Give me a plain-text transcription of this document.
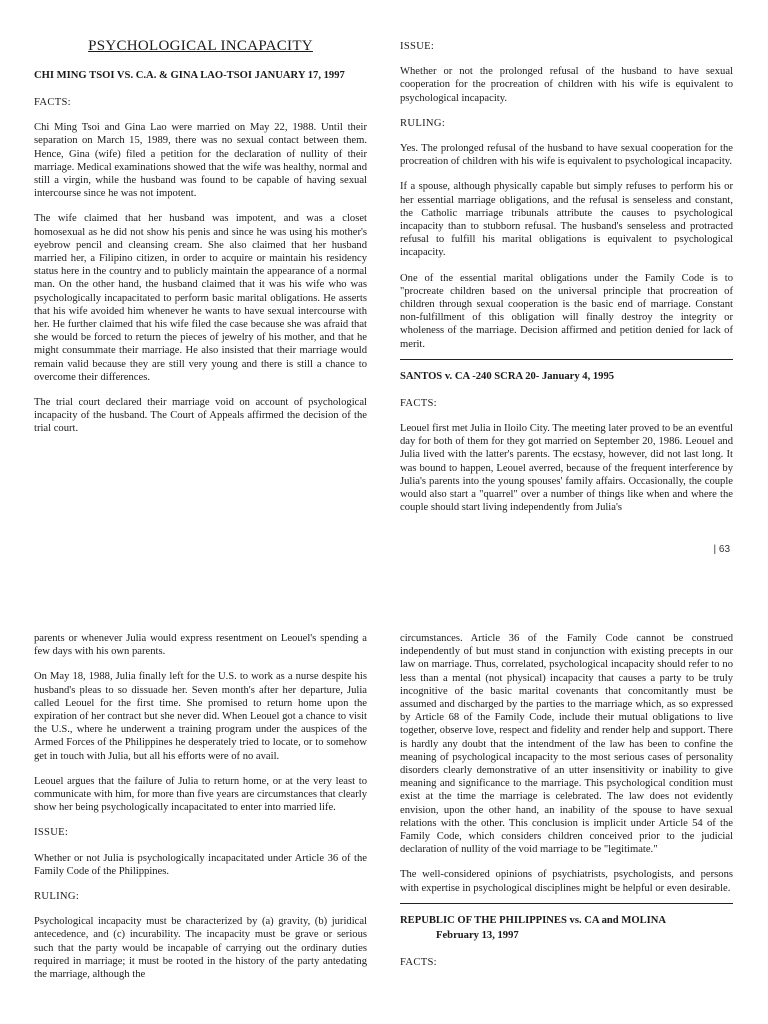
PSYCHOLOGICAL INCAPACITY
CHI MING TSOI VS. C.A. & GINA LAO-TSOI JANUARY 17, 1997
FACTS:

Chi Ming Tsoi and Gina Lao were married on May 22, 1988. Until their separation on March 15, 1989, there was no sexual contact between them. Hence, Gina (wife) filed a petition for the declaration of nullity of their marriage. Medical examinations showed that the wife was healthy, normal and still a virgin, while the husband was found to be capable of having sexual intercourse since he was not impotent.

The wife claimed that her husband was impotent, and was a closet homosexual as he did not show his penis and since he was using his mother's eyebrow pencil and cleansing cream. She also claimed that her husband married her, a Filipino citizen, in order to acquire or maintain his residency status here in the country and to publicly maintain the appearance of a normal man. On the other hand, the husband claimed that it was his wife who was psychologically incapacitated to perform basic marital obligations. He asserts that his wife avoided him whenever he wants to have sexual intercourse with her. He further claimed that his wife filed the case because she was afraid that she would be forced to return the pieces of jewelry of his mother, and that he might consummate their marriage. He also insisted that their marriage would remain valid because they are still very young and there is still a chance to overcome their differences.

The trial court declared their marriage void on account of psychological incapacity of the husband. The Court of Appeals affirmed the decision of the trial court.

ISSUE:

Whether or not the prolonged refusal of the husband to have sexual cooperation for the procreation of children with his wife is equivalent to psychological incapacity.

RULING:

Yes. The prolonged refusal of the husband to have sexual cooperation for the procreation of children with his wife is equivalent to psychological incapacity.

If a spouse, although physically capable but simply refuses to perform his or her essential marriage obligations, and the refusal is senseless and constant, the Catholic marriage tribunals attribute the causes to psychological incapacity than to stubborn refusal. The husband's senseless and protracted refusal to fulfill his marital obligations is equivalent to psychological incapacity.

One of the essential marital obligations under the Family Code is to "procreate children based on the universal principle that procreation of children through sexual cooperation is the basic end of marriage. Constant non-fulfillment of this obligation will finally destroy the integrity or wholeness of the marriage. Decision affirmed and petition denied for lack of merit.

SANTOS v. CA -240 SCRA 20- January 4, 1995
FACTS:

Leouel first met Julia in Iloilo City. The meeting later proved to be an eventful day for both of them for they got married on September 20, 1986. Leouel and Julia lived with the latter's parents. The ecstasy, however, did not last long. It was bound to happen, Leouel averred, because of the frequent interference by Julia's parents into the young spouses' family affairs. Occasionally, the couple would also start a "quarrel" over a number of things like when and where the couple should start living independently from Julia's

| 63

parents or whenever Julia would express resentment on Leouel's spending a few days with his own parents.

On May 18, 1988, Julia finally left for the U.S. to work as a nurse despite his husband's pleas to so dissuade her. Seven month's after her departure, Julia called Leouel for the first time. She promised to return home upon the expiration of her contract but she never did. When Leouel got a chance to visit the U.S., where he underwent a training program under the auspices of the Armed Forces of the Philippines he desperately tried to locate, or to somehow get in touch with Julia, but all his efforts were of no avail.

Leouel argues that the failure of Julia to return home, or at the very least to communicate with him, for more than five years are circumstances that clearly show her being psychologically incapacitated to enter into married life.

ISSUE:

Whether or not Julia is psychologically incapacitated under Article 36 of the Family Code of the Philippines.

RULING:

Psychological incapacity must be characterized by (a) gravity, (b) juridical antecedence, and (c) incurability. The incapacity must be grave or serious such that the party would be incapable of carrying out the ordinary duties required in marriage; it must be rooted in the history of the party antedating the marriage, although the

circumstances. Article 36 of the Family Code cannot be construed independently of but must stand in conjunction with existing precepts in our law on marriage. Thus, correlated, psychological incapacity should refer to no less than a mental (not physical) incapacity that causes a party to be truly incognitive of the basic marital covenants that concomitantly must be assumed and discharged by the parties to the marriage which, as so expressed by Article 68 of the Family Code, include their mutual obligations to live together, observe love, respect and fidelity and render help and support. There is hardly any doubt that the intendment of the law has been to confine the meaning of psychological incapacity to the most serious cases of personality disorders clearly demonstrative of an utter insensitivity or inability to give meaning and significance to the marriage. This psychological condition must exist at the time the marriage is celebrated. The law does not evidently envision, upon the other hand, an inability of the spouse to have sexual relations with the other. This conclusion is implicit under Article 54 of the Family Code, which considers children conceived prior to the judicial declaration of nullity of the void marriage to be "legitimate."

The well-considered opinions of psychiatrists, psychologists, and persons with expertise in psychological disciplines might be helpful or even desirable.

REPUBLIC OF THE PHILIPPINES vs. CA and MOLINA
February 13, 1997
FACTS:
